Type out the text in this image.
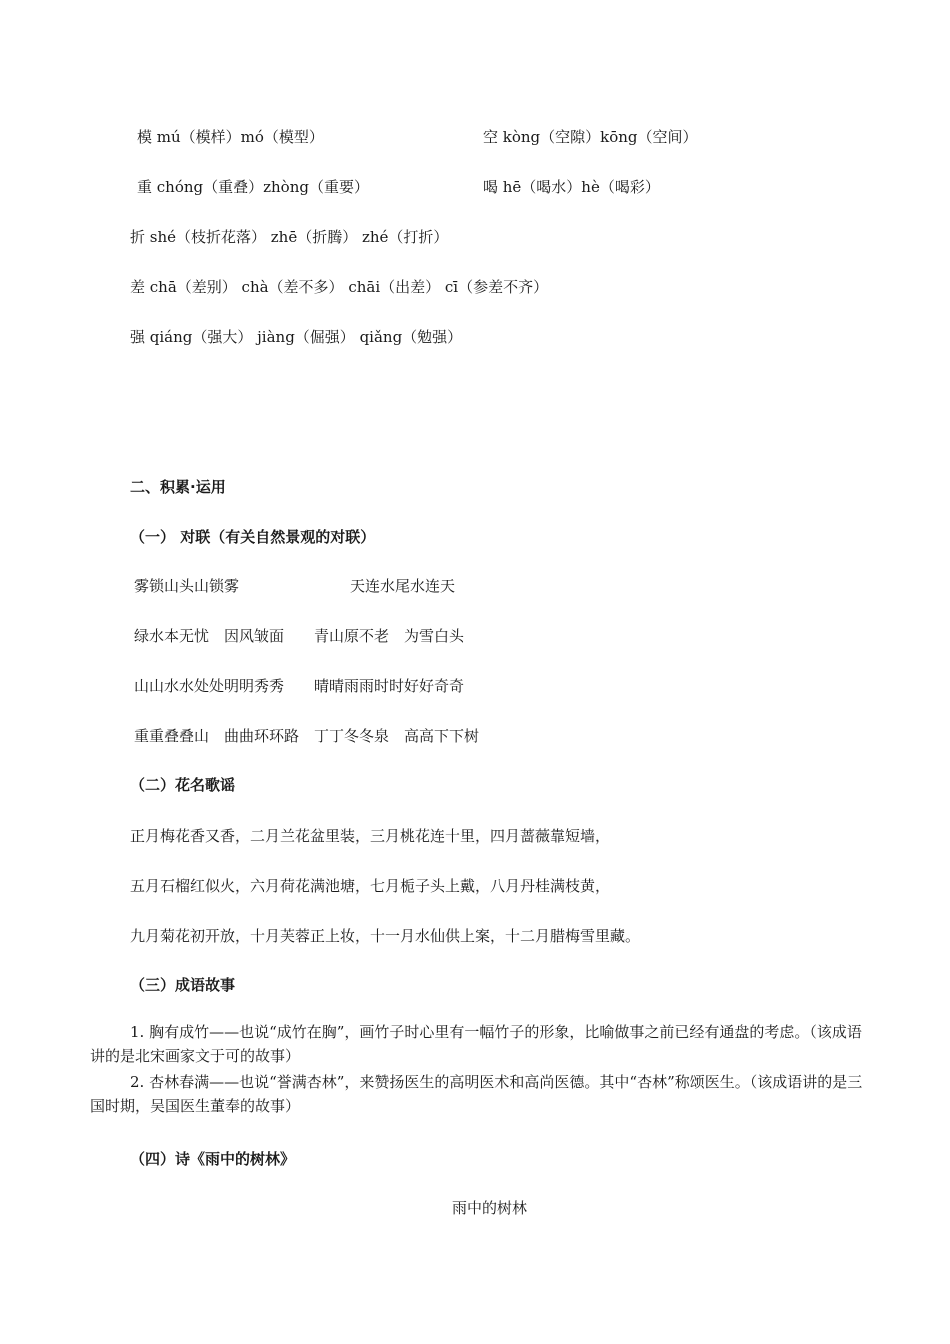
模 mú（模样）mó（模型）	空 kòng（空隙）kōng（空间）
重 chóng（重叠）zhòng（重要）	喝 hē（喝水）hè（喝彩）
折 shé（枝折花落） zhē（折腾） zhé（打折）
差 chā（差别） chà（差不多） chāi（出差） cī（参差不齐）
强 qiáng（强大） jiàng（倔强） qiǎng（勉强）
二、积累·运用
（一） 对联（有关自然景观的对联）
雾锁山头山锁雾	天连水尾水连天
绿水本无忧　因风皱面　　青山原不老　为雪白头
山山水水处处明明秀秀　　晴晴雨雨时时好好奇奇
重重叠叠山　曲曲环环路　丁丁冬冬泉　高高下下树
（二）花名歌谣
正月梅花香又香，二月兰花盆里装，三月桃花连十里，四月蔷薇靠短墙，
五月石榴红似火，六月荷花满池塘，七月栀子头上戴，八月丹桂满枝黄，
九月菊花初开放，十月芙蓉正上妆，十一月水仙供上案，十二月腊梅雪里藏。
（三）成语故事
1. 胸有成竹——也说“成竹在胸”，画竹子时心里有一幅竹子的形象，比喻做事之前已经有通盘的考虑。（该成语讲的是北宋画家文于可的故事）
2. 杏林春满——也说“誉满杏林”，来赞扬医生的高明医术和高尚医德。其中“杏林”称颂医生。（该成语讲的是三国时期，吴国医生董奉的故事）
（四）诗《雨中的树林》
雨中的树林
